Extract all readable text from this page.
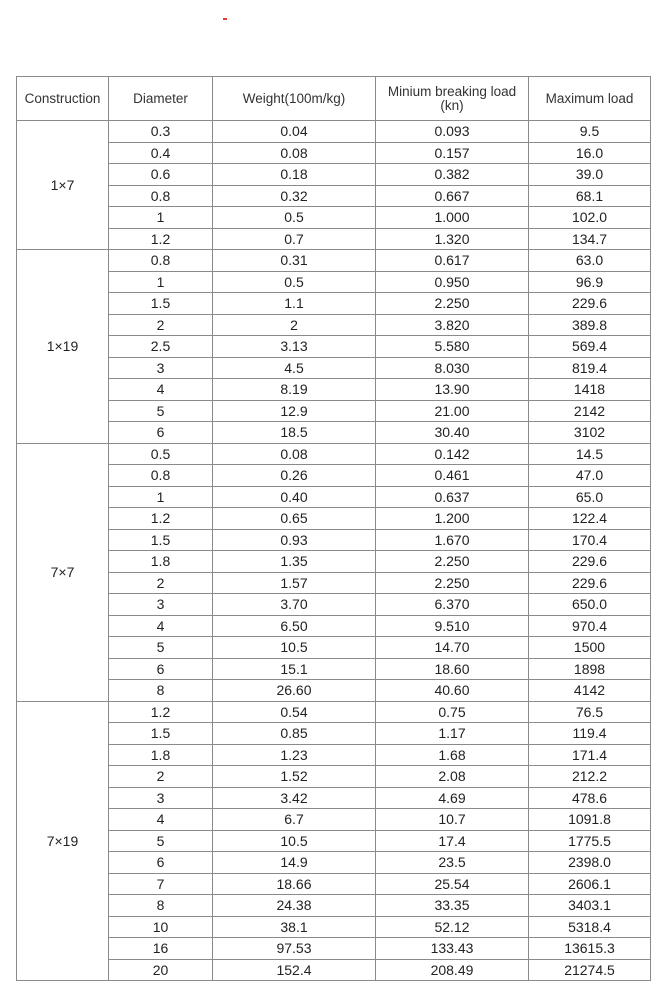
Construction	Diameter	Weight(100m/kg)	Minium breaking load (kn)	Maximum load
1×7	0.3	0.04	0.093	9.5
	0.4	0.08	0.157	16.0
	0.6	0.18	0.382	39.0
	0.8	0.32	0.667	68.1
	1	0.5	1.000	102.0
	1.2	0.7	1.320	134.7
1×19	0.8	0.31	0.617	63.0
	1	0.5	0.950	96.9
	1.5	1.1	2.250	229.6
	2	2	3.820	389.8
	2.5	3.13	5.580	569.4
	3	4.5	8.030	819.4
	4	8.19	13.90	1418
	5	12.9	21.00	2142
	6	18.5	30.40	3102
7×7	0.5	0.08	0.142	14.5
	0.8	0.26	0.461	47.0
	1	0.40	0.637	65.0
	1.2	0.65	1.200	122.4
	1.5	0.93	1.670	170.4
	1.8	1.35	2.250	229.6
	2	1.57	2.250	229.6
	3	3.70	6.370	650.0
	4	6.50	9.510	970.4
	5	10.5	14.70	1500
	6	15.1	18.60	1898
	8	26.60	40.60	4142
7×19	1.2	0.54	0.75	76.5
	1.5	0.85	1.17	119.4
	1.8	1.23	1.68	171.4
	2	1.52	2.08	212.2
	3	3.42	4.69	478.6
	4	6.7	10.7	1091.8
	5	10.5	17.4	1775.5
	6	14.9	23.5	2398.0
	7	18.66	25.54	2606.1
	8	24.38	33.35	3403.1
	10	38.1	52.12	5318.4
	16	97.53	133.43	13615.3
	20	152.4	208.49	21274.5
